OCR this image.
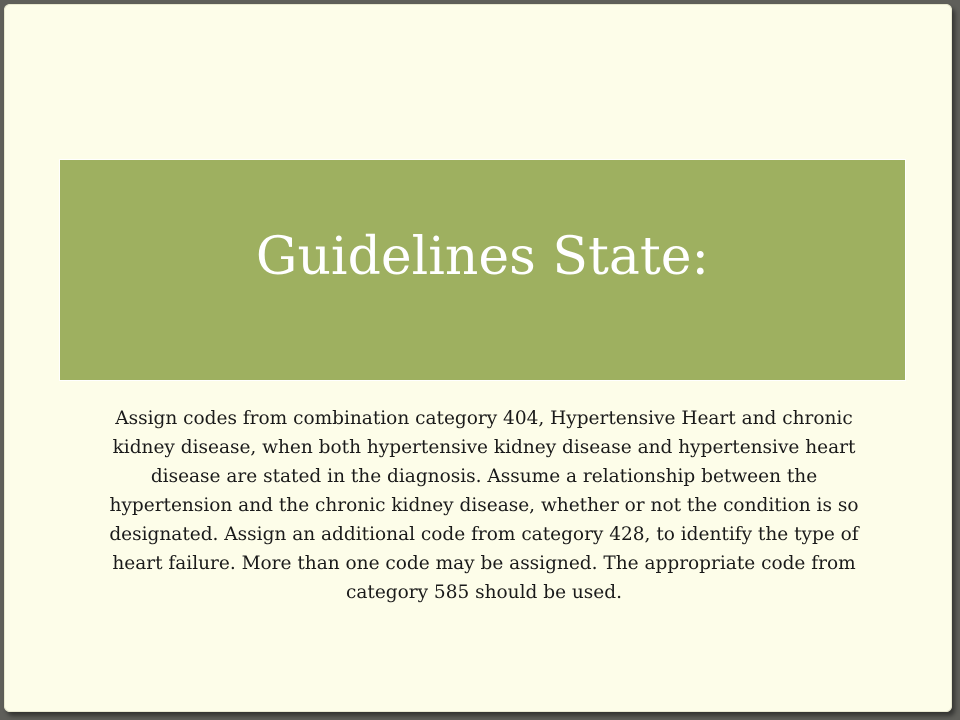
Guidelines State:

Assign codes from combination category 404, Hypertensive Heart and chronic kidney disease, when both hypertensive kidney disease and hypertensive heart disease are stated in the diagnosis. Assume a relationship between the hypertension and the chronic kidney disease, whether or not the condition is so designated. Assign an additional code from category 428, to identify the type of heart failure. More than one code may be assigned. The appropriate code from category 585 should be used.
